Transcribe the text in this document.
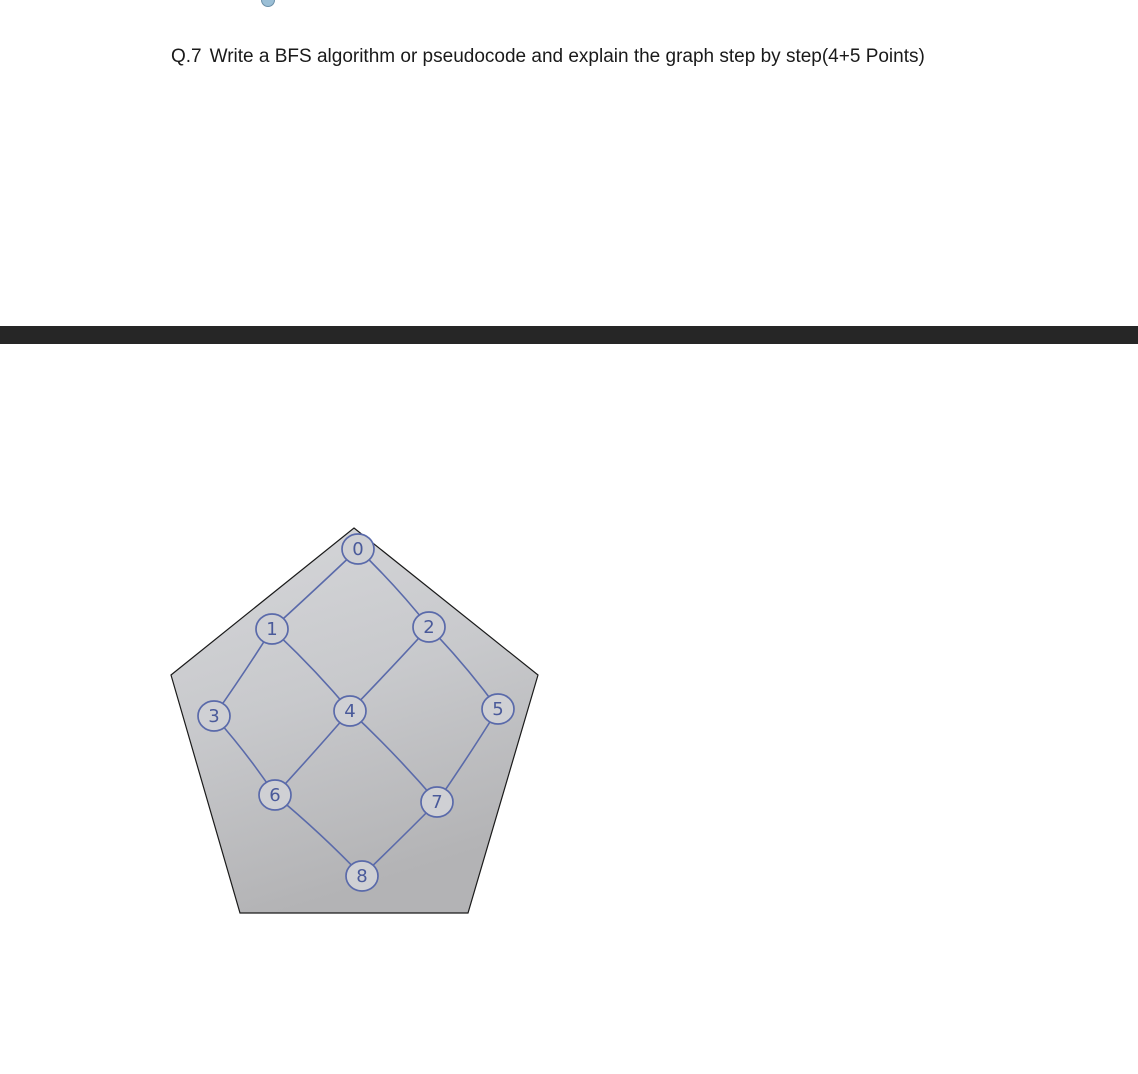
Q.7 Write a BFS algorithm or pseudocode and explain the graph step by step(4+5 Points)
0
1	2
3	4	5
6	7
8
